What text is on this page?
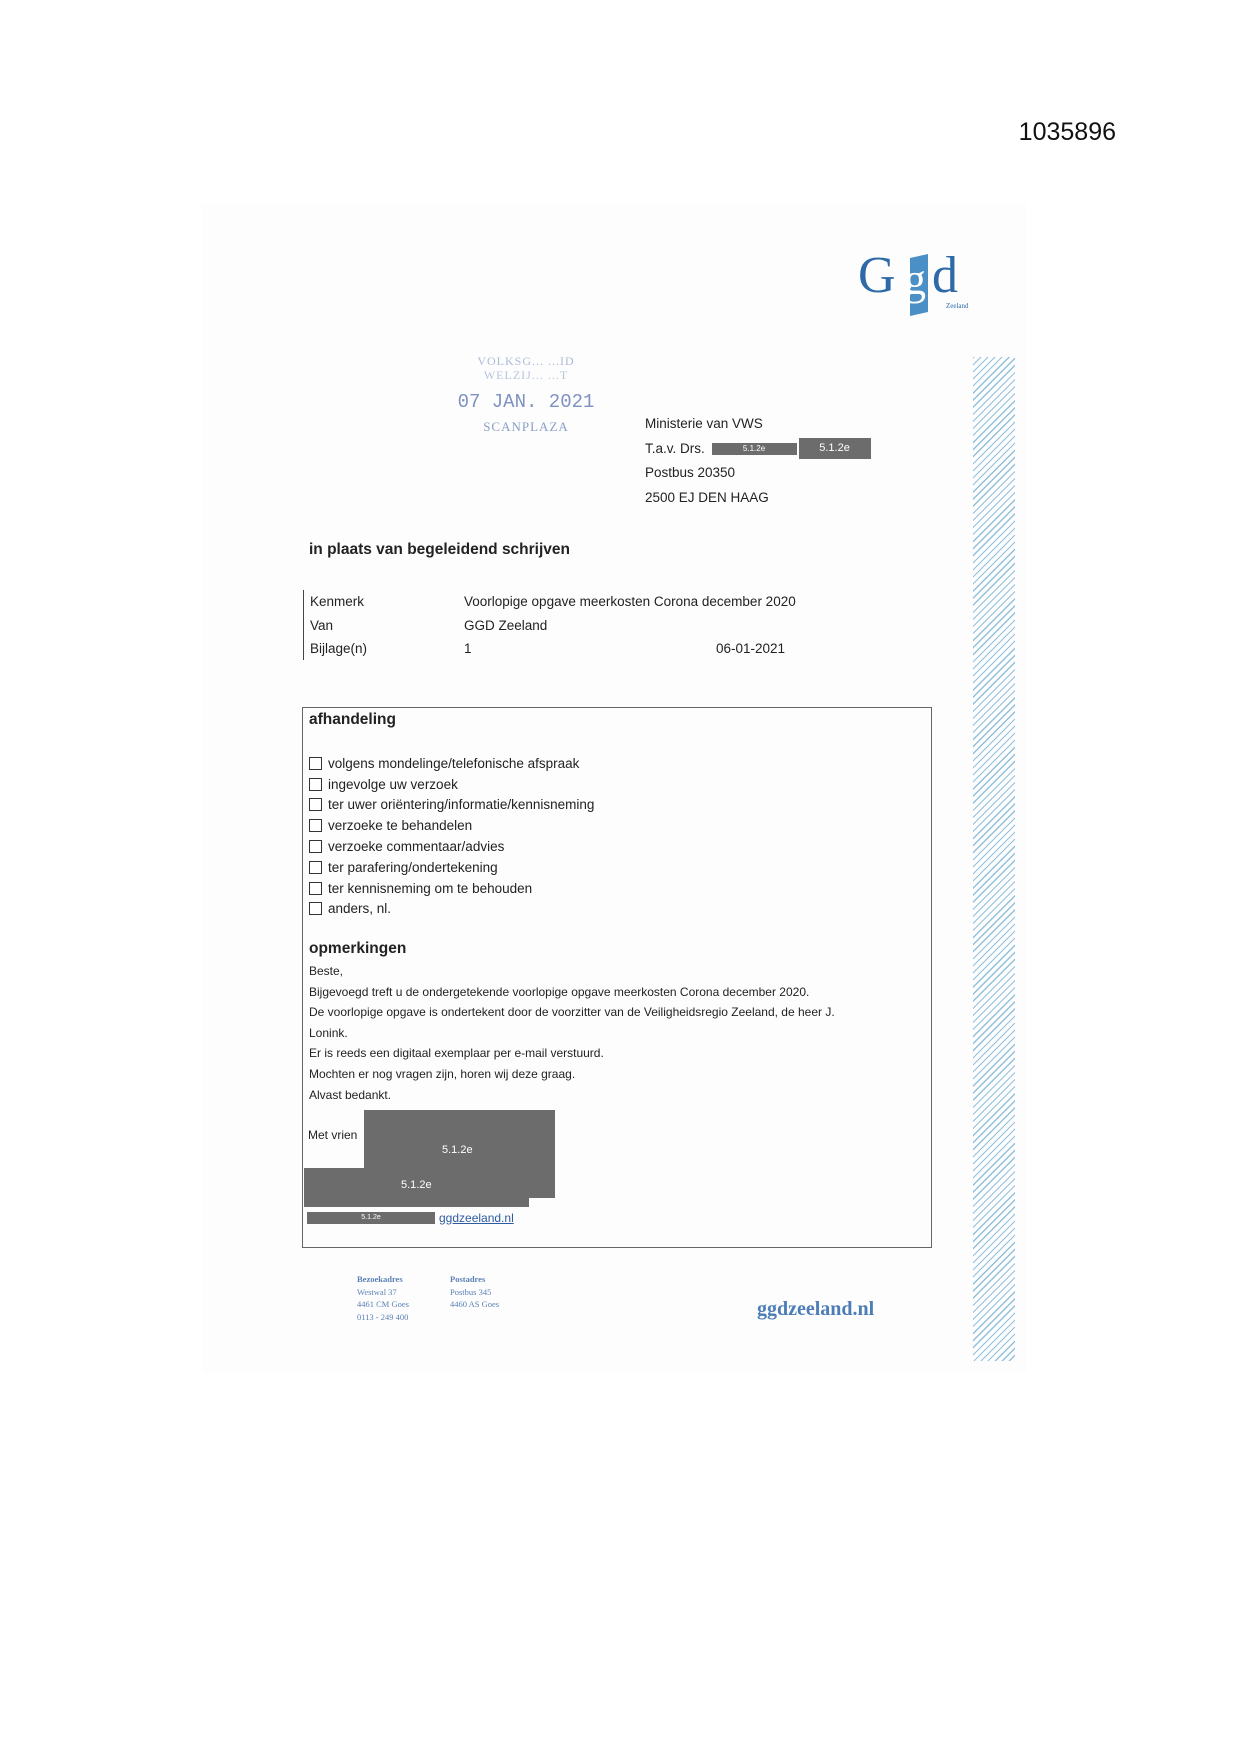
1035896
G g d
Zeeland
VOLKSG... ...ID
WELZIJ... ...T
07 JAN. 2021
SCANPLAZA	Ministerie van VWS
T.a.v. Drs.	5.1.2e	5.1.2e
Postbus 20350
2500 EJ DEN HAAG
in plaats van begeleidend schrijven
Kenmerk	Voorlopige opgave meerkosten Corona december 2020
Van	GGD Zeeland
Bijlage(n)	1	06-01-2021
afhandeling
volgens mondelinge/telefonische afspraak
ingevolge uw verzoek
ter uwer oriëntering/informatie/kennisneming
verzoeke te behandelen
verzoeke commentaar/advies
ter parafering/ondertekening
ter kennisneming om te behouden
anders, nl.
opmerkingen
Beste,
Bijgevoegd treft u de ondergetekende voorlopige opgave meerkosten Corona december 2020.
De voorlopige opgave is ondertekent door de voorzitter van de Veiligheidsregio Zeeland, de heer J.
Lonink.
Er is reeds een digitaal exemplaar per e-mail verstuurd.
Mochten er nog vragen zijn, horen wij deze graag.
Alvast bedankt.
Met vrien
5.1.2e
5.1.2e
5.1.2e	ggdzeeland.nl
Bezoekadres
Westwal 37
4461 CM Goes
0113 - 249 400
Postadres
Postbus 345
4460 AS Goes	ggdzeeland.nl
